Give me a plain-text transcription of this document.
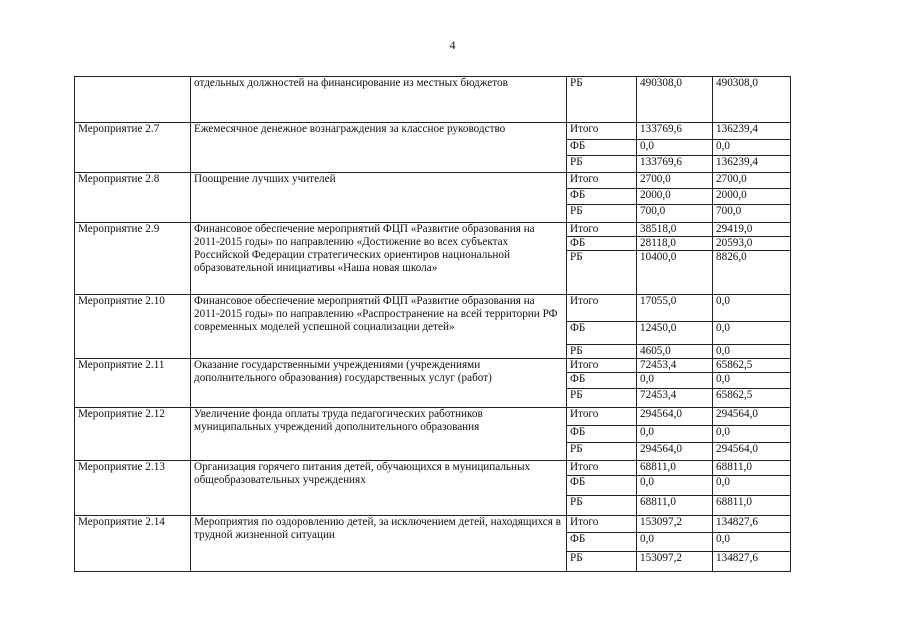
4
	отдельных должностей на финансирование из местных бюджетов	РБ	490308,0	490308,0
Мероприятие 2.7	Ежемесячное денежное вознаграждения за классное руководство	Итого	133769,6	136239,4
		ФБ	0,0	0,0
		РБ	133769,6	136239,4
Мероприятие 2.8	Поощрение лучших учителей	Итого	2700,0	2700,0
		ФБ	2000,0	2000,0
		РБ	700,0	700,0
Мероприятие 2.9	Финансовое обеспечение мероприятий ФЦП «Развитие образования на 2011-2015 годы» по направлению «Достижение во всех субъектах Российской Федерации стратегических ориентиров национальной образовательной инициативы «Наша новая школа»	Итого	38518,0	29419,0
		ФБ	28118,0	20593,0
		РБ	10400,0	8826,0
Мероприятие 2.10	Финансовое обеспечение мероприятий ФЦП «Развитие образования на 2011-2015 годы» по направлению «Распространение на всей территории РФ современных моделей успешной социализации детей»	Итого	17055,0	0,0
		ФБ	12450,0	0,0
		РБ	4605,0	0,0
Мероприятие 2.11	Оказание государственными учреждениями (учреждениями дополнительного образования) государственных услуг (работ)	Итого	72453,4	65862,5
		ФБ	0,0	0,0
		РБ	72453,4	65862,5
Мероприятие 2.12	Увеличение фонда оплаты труда педагогических работников муниципальных учреждений дополнительного образования	Итого	294564,0	294564,0
		ФБ	0,0	0,0
		РБ	294564,0	294564,0
Мероприятие 2.13	Организация горячего питания детей, обучающихся в муниципальных общеобразовательных учреждениях	Итого	68811,0	68811,0
		ФБ	0,0	0,0
		РБ	68811,0	68811,0
Мероприятие 2.14	Мероприятия по оздоровлению детей, за исключением детей, находящихся в трудной жизненной ситуации	Итого	153097,2	134827,6
		ФБ	0,0	0,0
		РБ	153097,2	134827,6
